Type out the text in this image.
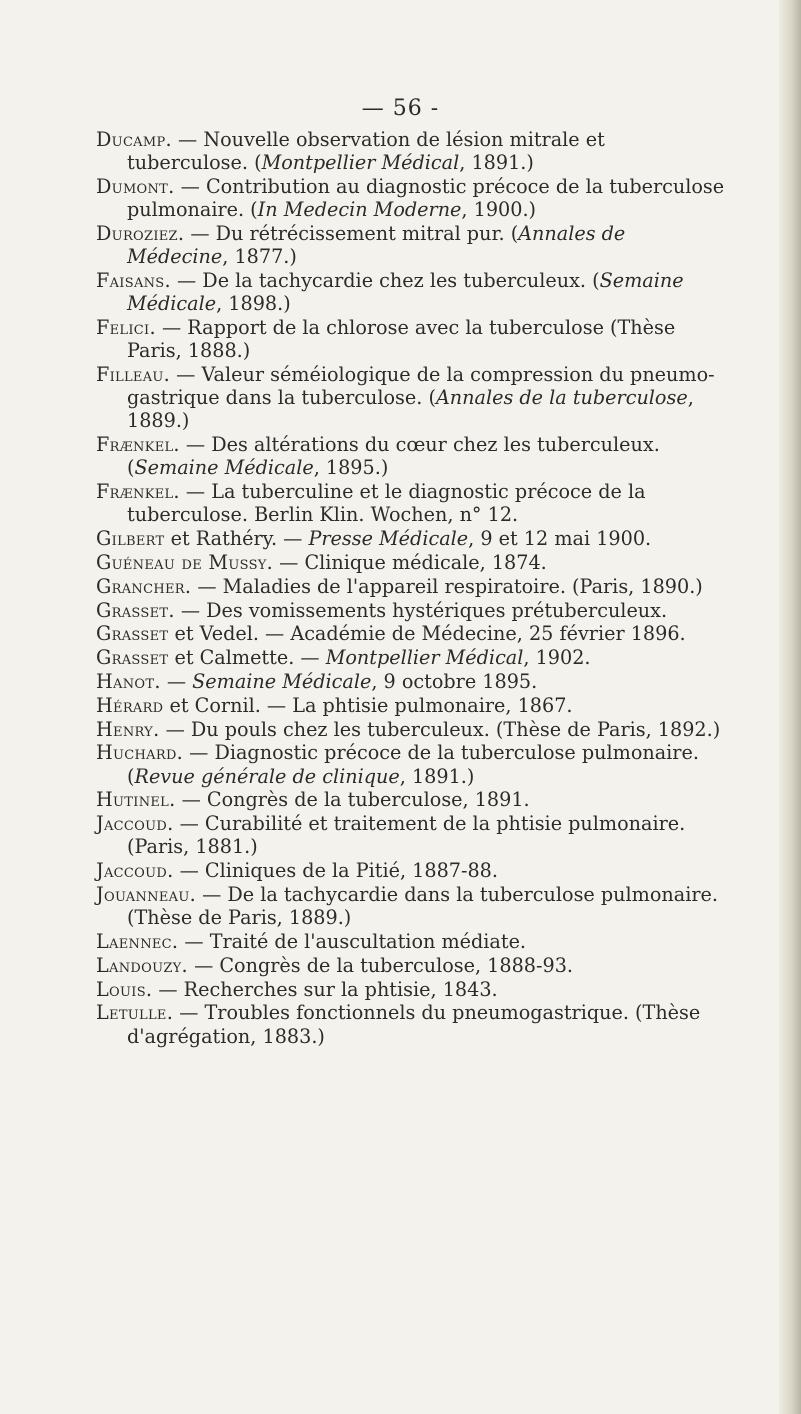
— 56 -

Ducamp. — Nouvelle observation de lésion mitrale et tuberculose. (Montpellier Médical, 1891.)

Dumont. — Contribution au diagnostic précoce de la tuberculose pulmonaire. (In Medecin Moderne, 1900.)

Duroziez. — Du rétrécissement mitral pur. (Annales de Médecine, 1877.)

Faisans. — De la tachycardie chez les tuberculeux. (Semaine Médicale, 1898.)

Felici. — Rapport de la chlorose avec la tuberculose (Thèse Paris, 1888.)

Filleau. — Valeur séméiologique de la compression du pneumo-gastrique dans la tuberculose. (Annales de la tuberculose, 1889.)

Frænkel. — Des altérations du cœur chez les tuberculeux. (Semaine Médicale, 1895.)

Frænkel. — La tuberculine et le diagnostic précoce de la tuberculose. Berlin Klin. Wochen, n° 12.

Gilbert et Rathéry. — Presse Médicale, 9 et 12 mai 1900.

Guéneau de Mussy. — Clinique médicale, 1874.

Grancher. — Maladies de l'appareil respiratoire. (Paris, 1890.)

Grasset. — Des vomissements hystériques prétuberculeux.

Grasset et Vedel. — Académie de Médecine, 25 février 1896.

Grasset et Calmette. — Montpellier Médical, 1902.

Hanot. — Semaine Médicale, 9 octobre 1895.

Hérard et Cornil. — La phtisie pulmonaire, 1867.

Henry. — Du pouls chez les tuberculeux. (Thèse de Paris, 1892.)

Huchard. — Diagnostic précoce de la tuberculose pulmonaire. (Revue générale de clinique, 1891.)

Hutinel. — Congrès de la tuberculose, 1891.

Jaccoud. — Curabilité et traitement de la phtisie pulmonaire. (Paris, 1881.)

Jaccoud. — Cliniques de la Pitié, 1887-88.

Jouanneau. — De la tachycardie dans la tuberculose pulmonaire. (Thèse de Paris, 1889.)

Laennec. — Traité de l'auscultation médiate.

Landouzy. — Congrès de la tuberculose, 1888-93.

Louis. — Recherches sur la phtisie, 1843.

Letulle. — Troubles fonctionnels du pneumogastrique. (Thèse d'agrégation, 1883.)
